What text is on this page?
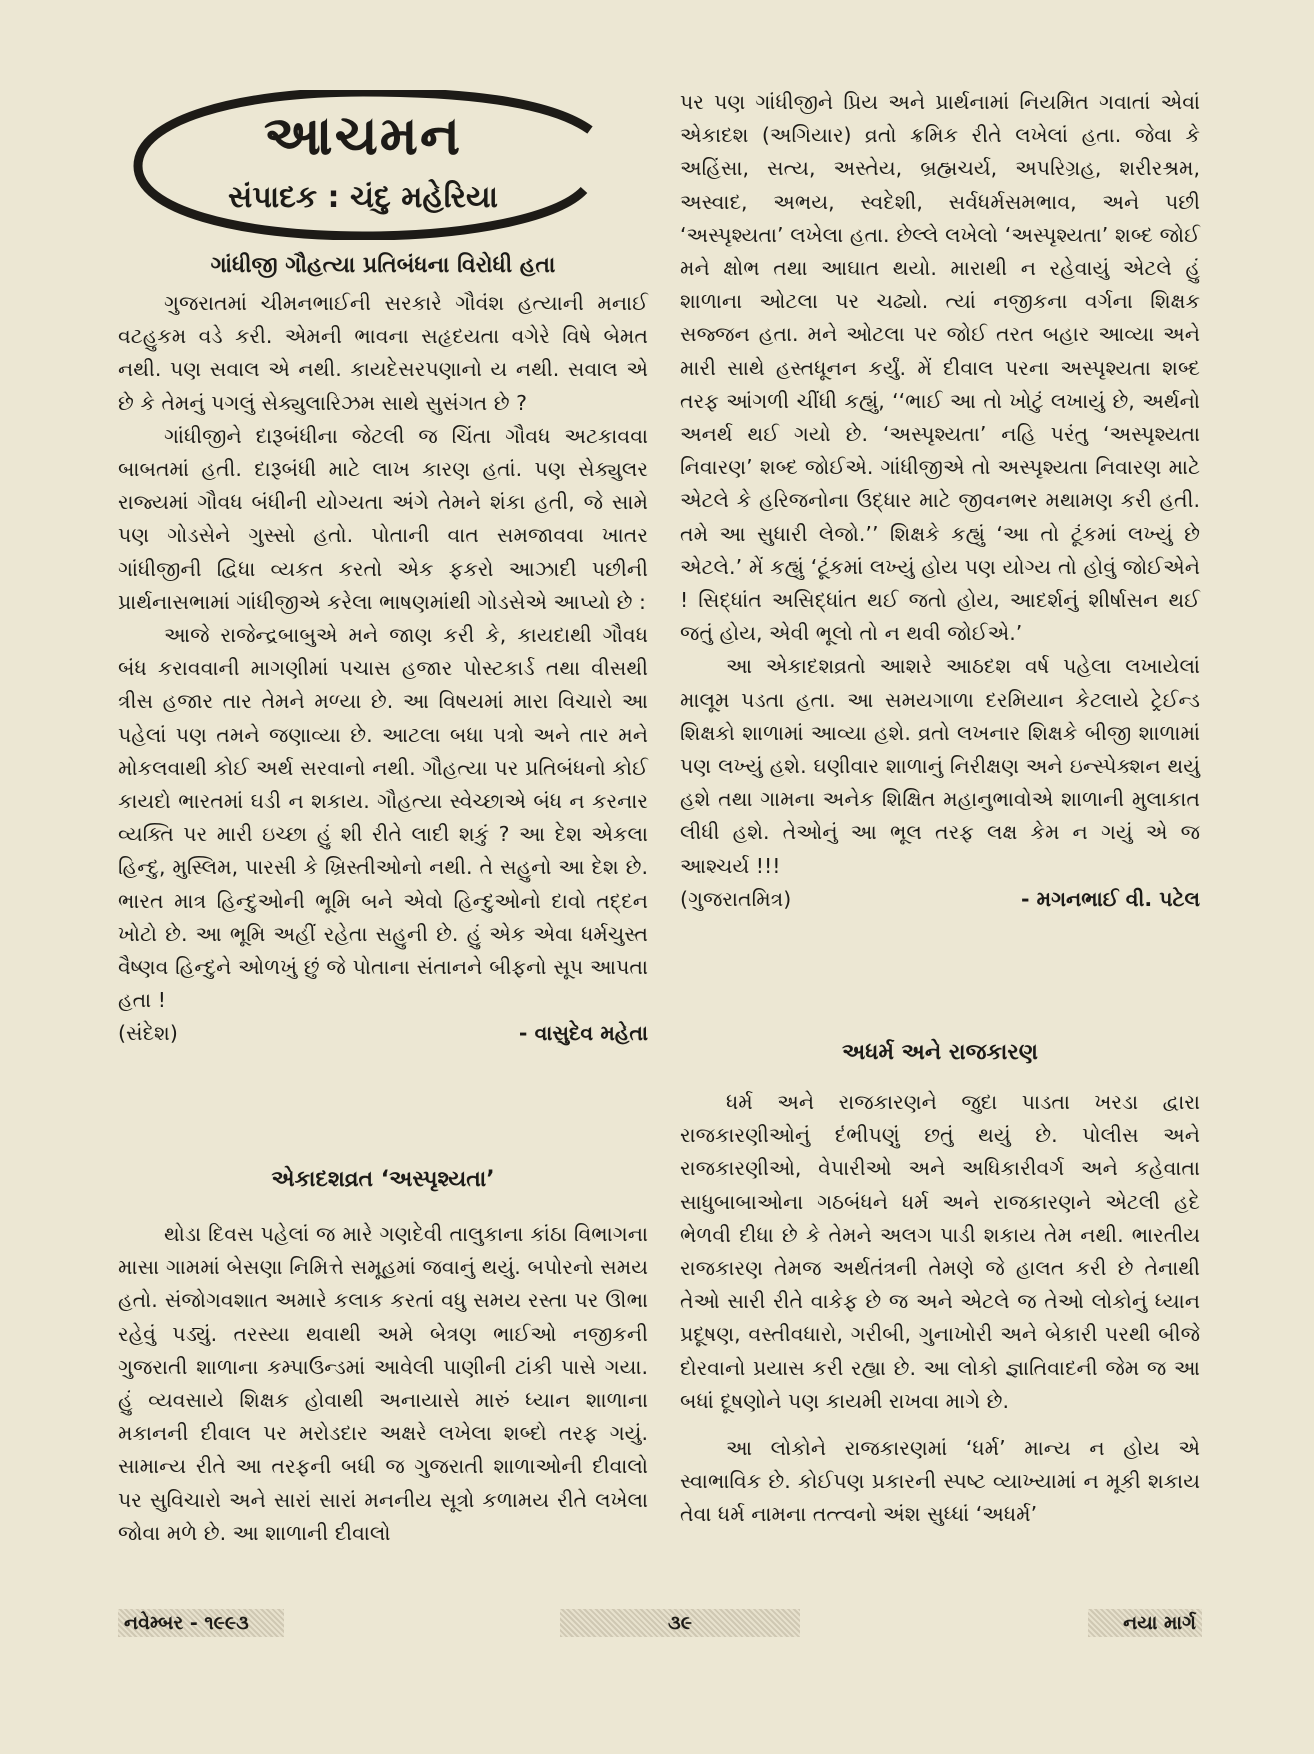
આચમન
સંપાદક : ચંદુ મહેરિયા
ગાંધીજી ગૌહત્યા પ્રતિબંધના વિરોધી હતા

ગુજરાતમાં ચીમનભાઈની સરકારે ગૌવંશ હત્યાની મનાઈ વટહુકમ વડે કરી. એમની ભાવના સહૃદયતા વગેરે વિષે બેમત નથી. પણ સવાલ એ નથી. કાયદેસરપણાનો ય નથી. સવાલ એ છે કે તેમનું પગલું સેક્યુલારિઝમ સાથે સુસંગત છે ?

ગાંધીજીને દારૂબંધીના જેટલી જ ચિંતા ગૌવધ અટકાવવા બાબતમાં હતી. દારૂબંધી માટે લાખ કારણ હતાં. પણ સેક્યુલર રાજ્યમાં ગૌવધ બંધીની યોગ્યતા અંગે તેમને શંકા હતી, જે સામે પણ ગોડસેને ગુસ્સો હતો. પોતાની વાત સમજાવવા ખાતર ગાંધીજીની દ્વિધા વ્યકત કરતો એક ફકરો આઝાદી પછીની પ્રાર્થનાસભામાં ગાંધીજીએ કરેલા ભાષણમાંથી ગોડસેએ આપ્યો છે :

આજે રાજેન્દ્રબાબુએ મને જાણ કરી કે, કાયદાથી ગૌવધ બંધ કરાવવાની માગણીમાં પચાસ હજાર પોસ્ટકાર્ડ તથા વીસથી ત્રીસ હજાર તાર તેમને મળ્યા છે. આ વિષયમાં મારા વિચારો આ પહેલાં પણ તમને જણાવ્યા છે. આટલા બધા પત્રો અને તાર મને મોકલવાથી કોઈ અર્થ સરવાનો નથી. ગૌહત્યા પર પ્રતિબંધનો કોઈ કાયદો ભારતમાં ઘડી ન શકાય. ગૌહત્યા સ્વેચ્છાએ બંધ ન કરનાર વ્યક્તિ પર મારી ઇચ્છા હું શી રીતે લાદી શકું ? આ દેશ એકલા હિન્દુ, મુસ્લિમ, પારસી કે ખ્રિસ્તીઓનો નથી. તે સહુનો આ દેશ છે. ભારત માત્ર હિન્દુઓની ભૂમિ બને એવો હિન્દુઓનો દાવો તદ્દન ખોટો છે. આ ભૂમિ અહીં રહેતા સહુની છે. હું એક એવા ધર્મચુસ્ત વૈષ્ણવ હિન્દુને ઓળખું છું જે પોતાના સંતાનને બીફનો સૂપ આપતા હતા !

(સંદેશ)	- વાસુદેવ મહેતા

એકાદશવ્રત ‘અસ્પૃશ્યતા’

થોડા દિવસ પહેલાં જ મારે ગણદેવી તાલુકાના કાંઠા વિભાગના માસા ગામમાં બેસણા નિમિત્તે સમૂહમાં જવાનું થયું. બપોરનો સમય હતો. સંજોગવશાત અમારે કલાક કરતાં વધુ સમય રસ્તા પર ઊભા રહેવું પડ્યું. તરસ્યા થવાથી અમે બેત્રણ ભાઈઓ નજીકની ગુજરાતી શાળાના કમ્પાઉન્ડમાં આવેલી પાણીની ટાંકી પાસે ગયા. હું વ્યવસાયે શિક્ષક હોવાથી અનાયાસે મારું ધ્યાન શાળાના મકાનની દીવાલ પર મરોડદાર અક્ષરે લખેલા શબ્દો તરફ ગયું. સામાન્ય રીતે આ તરફની બધી જ ગુજરાતી શાળાઓની દીવાલો પર સુવિચારો અને સારાં સારાં મનનીય સૂત્રો કળામય રીતે લખેલા જોવા મળે છે. આ શાળાની દીવાલો

પર પણ ગાંધીજીને પ્રિય અને પ્રાર્થનામાં નિયમિત ગવાતાં એવાં એકાદશ (અગિયાર) વ્રતો ક્રમિક રીતે લખેલાં હતા. જેવા કે અહિંસા, સત્ય, અસ્તેય, બ્રહ્મચર્ય, અપરિગ્રહ, શરીરશ્રમ, અસ્વાદ, અભય, સ્વદેશી, સર્વધર્મસમભાવ, અને પછી ‘અસ્પૃશ્યતા’ લખેલા હતા. છેલ્લે લખેલો ‘અસ્પૃશ્યતા’ શબ્દ જોઈ મને ક્ષોભ તથા આઘાત થયો. મારાથી ન રહેવાયું એટલે હું શાળાના ઓટલા પર ચઢ્યો. ત્યાં નજીકના વર્ગના શિક્ષક સજ્જન હતા. મને ઓટલા પર જોઈ તરત બહાર આવ્યા અને મારી સાથે હસ્તધૂનન કર્યું. મેં દીવાલ પરના અસ્પૃશ્યતા શબ્દ તરફ આંગળી ચીંધી કહ્યું, ‘‘ભાઈ આ તો ખોટું લખાયું છે, અર્થનો અનર્થ થઈ ગયો છે. ‘અસ્પૃશ્યતા’ નહિ પરંતુ ‘અસ્પૃશ્યતા નિવારણ’ શબ્દ જોઈએ. ગાંધીજીએ તો અસ્પૃશ્યતા નિવારણ માટે એટલે કે હરિજનોના ઉદ્ધાર માટે જીવનભર મથામણ કરી હતી. તમે આ સુધારી લેજો.’’ શિક્ષકે કહ્યું ‘આ તો ટૂંકમાં લખ્યું છે એટલે.’ મેં કહ્યું ‘ટૂંકમાં લખ્યું હોય પણ યોગ્ય તો હોવું જોઈએને ! સિદ્ધાંત અસિદ્ધાંત થઈ જતો હોય, આદર્શનું શીર્ષાસન થઈ જતું હોય, એવી ભૂલો તો ન થવી જોઈએ.’

આ એકાદશવ્રતો આશરે આઠદશ વર્ષ પહેલા લખાયેલાં માલૂમ પડતા હતા. આ સમયગાળા દરમિયાન કેટલાયે ટ્રેઈન્ડ શિક્ષકો શાળામાં આવ્યા હશે. વ્રતો લખનાર શિક્ષકે બીજી શાળામાં પણ લખ્યું હશે. ઘણીવાર શાળાનું નિરીક્ષણ અને ઇન્સ્પેક્શન થયું હશે તથા ગામના અનેક શિક્ષિત મહાનુભાવોએ શાળાની મુલાકાત લીધી હશે. તેઓનું આ ભૂલ તરફ લક્ષ કેમ ન ગયું એ જ આશ્ચર્ય !!!

(ગુજરાતમિત્ર)	- મગનભાઈ વી. પટેલ

અધર્મ અને રાજકારણ

ધર્મ અને રાજકારણને જુદા પાડતા ખરડા દ્વારા રાજકારણીઓનું દંભીપણું છતું થયું છે. પોલીસ અને રાજકારણીઓ, વેપારીઓ અને અધિકારીવર્ગ અને કહેવાતા સાધુબાબાઓના ગઠબંધને ધર્મ અને રાજકારણને એટલી હદે ભેળવી દીધા છે કે તેમને અલગ પાડી શકાય તેમ નથી. ભારતીય રાજકારણ તેમજ અર્થતંત્રની તેમણે જે હાલત કરી છે તેનાથી તેઓ સારી રીતે વાકેફ છે જ અને એટલે જ તેઓ લોકોનું ધ્યાન પ્રદૂષણ, વસ્તીવધારો, ગરીબી, ગુનાખોરી અને બેકારી પરથી બીજે દોરવાનો પ્રયાસ કરી રહ્યા છે. આ લોકો જ્ઞાતિવાદની જેમ જ આ બધાં દૂષણોને પણ કાયમી રાખવા માગે છે.

આ લોકોને રાજકારણમાં ‘ધર્મ’ માન્ય ન હોય એ સ્વાભાવિક છે. કોઈપણ પ્રકારની સ્પષ્ટ વ્યાખ્યામાં ન મૂકી શકાય તેવા ધર્મ નામના તત્ત્વનો અંશ સુધ્ધાં ‘અધર્મ’

નવેમ્બર - ૧૯૯૩	૩૯	નયા માર્ગ
